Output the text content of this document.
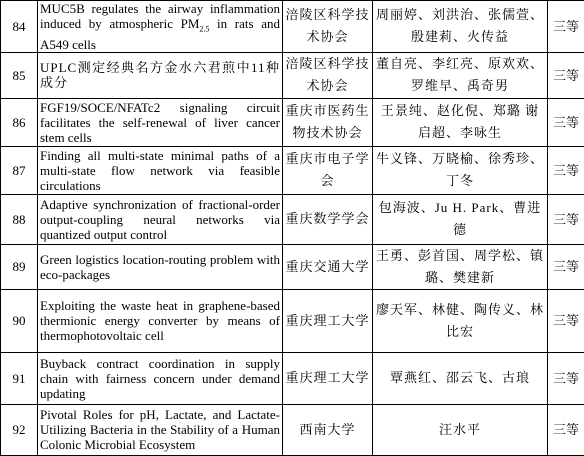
84	MUC5B regulates the airway inflammation induced by atmospheric $PM_{2.5}$ in rats and A549 cells	涪陵区科学技术协会	周丽婷、刘洪治、张儒萱、殷建莉、火传益	三等
85	UPLC测定经典名方金水六君煎中11种成分	涪陵区科学技术协会	董自亮、李红亮、原欢欢、罗维早、禹奇男	三等
86	FGF19/SOCE/NFATc2 signaling circuit facilitates the self-renewal of liver cancer stem cells	重庆市医药生物技术协会	王景纯、赵化倪、郑璐 谢启超、李咏生	三等
87	Finding all multi-state minimal paths of a multi-state flow network via feasible circulations	重庆市电子学会	牛义锋、万晓榆、徐秀珍、丁冬	三等
88	Adaptive synchronization of fractional-order output-coupling neural networks via quantized output control	重庆数学学会	包海波、Ju H. Park、曹进德	三等
89	Green logistics location-routing problem with eco-packages	重庆交通大学	王勇、彭首国、周学松、镇璐、樊建新	三等
90	Exploiting the waste heat in graphene-based thermionic energy converter by means of thermophotovoltaic cell	重庆理工大学	廖天军、林健、陶传义、林比宏	三等
91	Buyback contract coordination in supply chain with fairness concern under demand updating	重庆理工大学	覃燕红、邵云飞、古琅	三等
92	Pivotal Roles for pH, Lactate, and Lactate-Utilizing Bacteria in the Stability of a Human Colonic Microbial Ecosystem	西南大学	汪水平	三等
